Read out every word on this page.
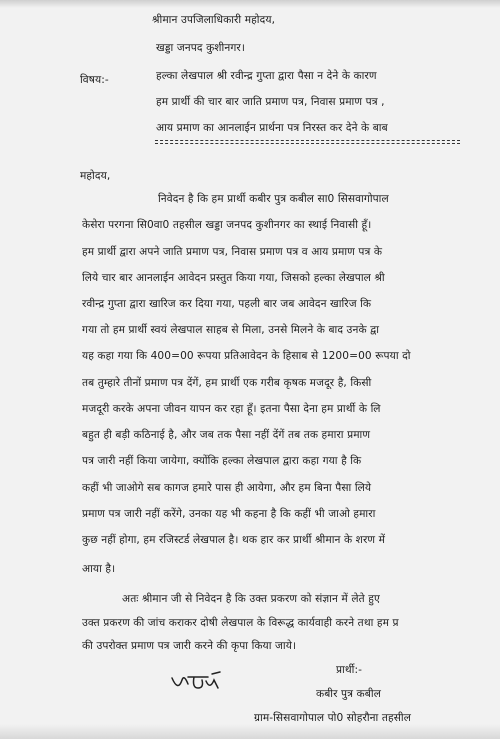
श्रीमान उपजिलाधिकारी महोदय,
खड्डा जनपद कुशीनगर।
विषय:-	हल्का लेखपाल श्री रवीन्द्र गुप्ता द्वारा पैसा न देने के कारण
हम प्रार्थी की चार बार जाति प्रमाण पत्र, निवास प्रमाण पत्र ,
आय प्रमाण का आनलाईन प्रार्थना पत्र निरस्त कर देने के बाब
महोदय,
निवेदन है कि हम प्रार्थी कबीर पुत्र कबील सा0 सिसवागोपाल
केसेरा परगना सि0वा0 तहसील खड्डा जनपद कुशीनगर का स्थाई निवासी हूँ।
हम प्रार्थी द्वारा अपने जाति प्रमाण पत्र, निवास प्रमाण पत्र व आय प्रमाण पत्र के
लिये चार बार आनलाईन आवेदन प्रस्तुत किया गया, जिसको हल्का लेखपाल श्री
रवीन्द्र गुप्ता द्वारा खारिज कर दिया गया, पहली बार जब आवेदन खारिज कि
गया तो हम प्रार्थी स्वयं लेखपाल साहब से मिला, उनसे मिलने के बाद उनके द्वा
यह कहा गया कि 400=00 रूपया प्रतिआवेदन के हिसाब से 1200=00 रूपया दो
तब तुम्हारे तीनों प्रमाण पत्र देंगें, हम प्रार्थी एक गरीब कृषक मजदूर है, किसी
मजदूरी करके अपना जीवन यापन कर रहा हूँ। इतना पैसा देना हम प्रार्थी के लि
बहुत ही बड़ी कठिनाई है, और जब तक पैसा नहीं देंगें तब तक हमारा प्रमाण
पत्र जारी नहीं किया जायेगा, क्योंकि हल्का लेखपाल द्वारा कहा गया है कि
कहीं भी जाओगे सब कागज हमारे पास ही आयेगा, और हम बिना पैसा लिये
प्रमाण पत्र जारी नहीं करेंगे, उनका यह भी कहना है कि कहीं भी जाओ हमारा
कुछ नहीं होगा, हम रजिस्टर्ड लेखपाल है। थक हार कर प्रार्थी श्रीमान के शरण में
आया है।
अतः श्रीमान जी से निवेदन है कि उक्त प्रकरण को संज्ञान में लेते हुए
उक्त प्रकरण की जांच कराकर दोषी लेखपाल के विरूद्ध कार्यवाही करने तथा हम प्र
की उपरोक्त प्रमाण पत्र जारी करने की कृपा किया जाये।
प्रार्थी:-
कबीर पुत्र कबील
ग्राम-सिसवागोपाल पो0 सोहरौना तहसील
